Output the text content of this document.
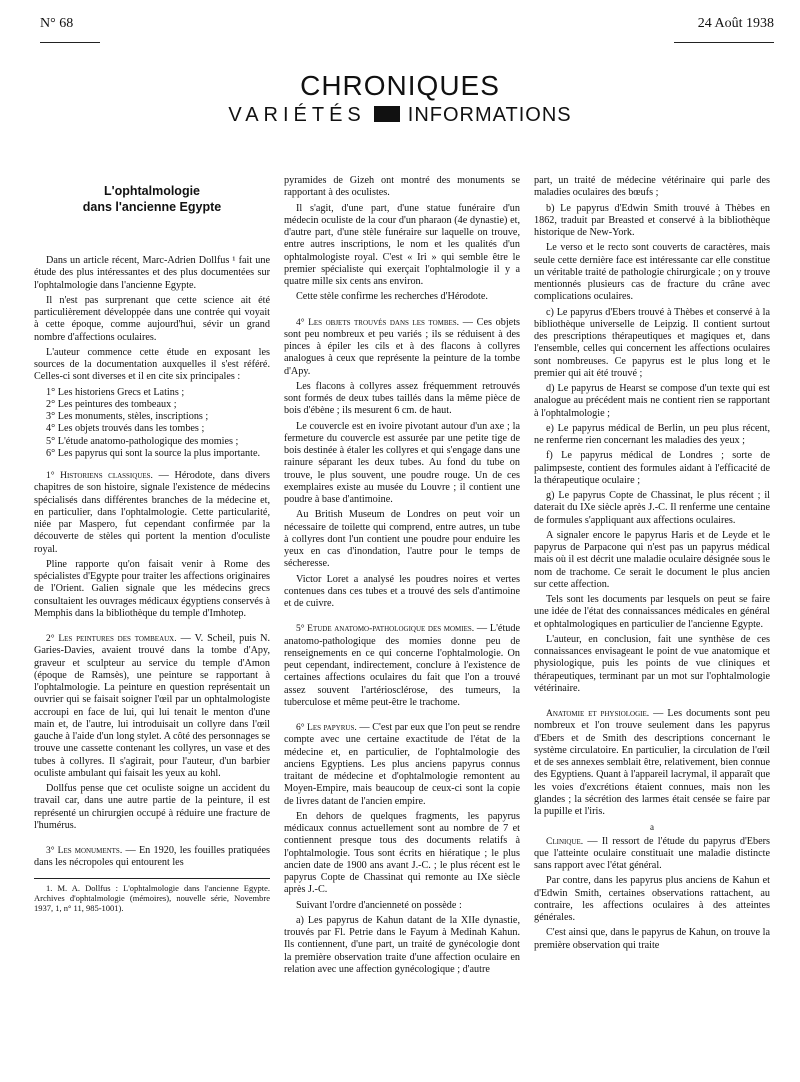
N° 68	24 Août 1938
CHRONIQUES
VARIÉTÉS INFORMATIONS
L'ophtalmologie
dans l'ancienne Egypte

Dans un article récent, Marc-Adrien Dollfus ¹ fait une étude des plus intéressantes et des plus documentées sur l'ophtalmologie dans l'ancienne Egypte.

Il n'est pas surprenant que cette science ait été particulièrement développée dans une contrée qui voyait à cette époque, comme aujourd'hui, sévir un grand nombre d'affections oculaires.

L'auteur commence cette étude en exposant les sources de la documentation auxquelles il s'est référé. Celles-ci sont diverses et il en cite six principales :

1° Les historiens Grecs et Latins ;

2° Les peintures des tombeaux ;

3° Les monuments, stèles, inscriptions ;

4° Les objets trouvés dans les tombes ;

5° L'étude anatomo-pathologique des momies ;

6° Les papyrus qui sont la source la plus importante.

1° Historiens classiques. — Hérodote, dans divers chapitres de son histoire, signale l'existence de médecins spécialisés dans différentes branches de la médecine et, en particulier, dans l'ophtalmologie. Cette particularité, niée par Maspero, fut cependant confirmée par la découverte de stèles qui portent la mention d'oculiste royal.

Pline rapporte qu'on faisait venir à Rome des spécialistes d'Egypte pour traiter les affections originaires de l'Orient. Galien signale que les médecins grecs consultaient les ouvrages médicaux égyptiens conservés à Memphis dans la bibliothèque du temple d'Imhotep.

2° Les peintures des tombeaux. — V. Scheil, puis N. Garies-Davies, avaient trouvé dans la tombe d'Apy, graveur et sculpteur au service du temple d'Amon (époque de Ramsès), une peinture se rapportant à l'ophtalmologie. La peinture en question représentait un ouvrier qui se faisait soigner l'œil par un ophtalmologiste accroupi en face de lui, qui lui tenait le menton d'une main et, de l'autre, lui introduisait un collyre dans l'œil gauche à l'aide d'un long stylet. A côté des personnages se trouve une cassette contenant les collyres, un vase et des tubes à collyres. Il s'agirait, pour l'auteur, d'un barbier oculiste ambulant qui faisait les yeux au kohl.

Dollfus pense que cet oculiste soigne un accident du travail car, dans une autre partie de la peinture, il est représenté un chirurgien occupé à réduire une fracture de l'humérus.

3° Les monuments. — En 1920, les fouilles pratiquées dans les nécropoles qui entourent les

1. M. A. Dollfus : L'ophtalmologie dans l'ancienne Egypte. Archives d'ophtalmologie (mémoires), nouvelle série, Novembre 1937, 1, n° 11, 985-1001).

pyramides de Gizeh ont montré des monuments se rapportant à des oculistes.

Il s'agit, d'une part, d'une statue funéraire d'un médecin oculiste de la cour d'un pharaon (4e dynastie) et, d'autre part, d'une stèle funéraire sur laquelle on trouve, entre autres inscriptions, le nom et les qualités d'un ophtalmologiste royal. C'est « Iri » qui semble être le premier spécialiste qui exerçait l'ophtalmologie il y a quatre mille six cents ans environ.

Cette stèle confirme les recherches d'Hérodote.

4° Les objets trouvés dans les tombes. — Ces objets sont peu nombreux et peu variés ; ils se réduisent à des pinces à épiler les cils et à des flacons à collyres analogues à ceux que représente la peinture de la tombe d'Apy.

Les flacons à collyres assez fréquemment retrouvés sont formés de deux tubes taillés dans la même pièce de bois d'ébène ; ils mesurent 6 cm. de haut.

Le couvercle est en ivoire pivotant autour d'un axe ; la fermeture du couvercle est assurée par une petite tige de bois destinée à étaler les collyres et qui s'engage dans une rainure séparant les deux tubes. Au fond du tube on trouve, le plus souvent, une poudre rouge. Un de ces exemplaires existe au musée du Louvre ; il contient une poudre à base d'antimoine.

Au British Museum de Londres on peut voir un nécessaire de toilette qui comprend, entre autres, un tube à collyres dont l'un contient une poudre pour enduire les yeux en cas d'inondation, l'autre pour le temps de sécheresse.

Victor Loret a analysé les poudres noires et vertes contenues dans ces tubes et a trouvé des sels d'antimoine et de cuivre.

5° Etude anatomo-pathologique des momies. — L'étude anatomo-pathologique des momies donne peu de renseignements en ce qui concerne l'ophtalmologie. On peut cependant, indirectement, conclure à l'existence de certaines affections oculaires du fait que l'on a trouvé assez souvent l'artériosclérose, des tumeurs, la tuberculose et même peut-être le trachome.

6° Les papyrus. — C'est par eux que l'on peut se rendre compte avec une certaine exactitude de l'état de la médecine et, en particulier, de l'ophtalmologie des anciens Egyptiens. Les plus anciens papyrus connus traitant de médecine et d'ophtalmologie remontent au Moyen-Empire, mais beaucoup de ceux-ci sont la copie de livres datant de l'ancien empire.

En dehors de quelques fragments, les papyrus médicaux connus actuellement sont au nombre de 7 et contiennent presque tous des documents relatifs à l'ophtalmologie. Tous sont écrits en hiératique ; le plus ancien date de 1900 ans avant J.-C. ; le plus récent est le papyrus Copte de Chassinat qui remonte au IXe siècle après J.-C.

Suivant l'ordre d'ancienneté on possède :

a) Les papyrus de Kahun datant de la XIIe dynastie, trouvés par Fl. Petrie dans le Fayum à Medinah Kahun. Ils contiennent, d'une part, un traité de gynécologie dont la première observation traite d'une affection oculaire en relation avec une affection gynécologique ; d'autre

part, un traité de médecine vétérinaire qui parle des maladies oculaires des bœufs ;

b) Le papyrus d'Edwin Smith trouvé à Thèbes en 1862, traduit par Breasted et conservé à la bibliothèque historique de New-York.

Le verso et le recto sont couverts de caractères, mais seule cette dernière face est intéressante car elle constitue un véritable traité de pathologie chirurgicale ; on y trouve mentionnés plusieurs cas de fracture du crâne avec complications oculaires.

c) Le papyrus d'Ebers trouvé à Thèbes et conservé à la bibliothèque universelle de Leipzig. Il contient surtout des prescriptions thérapeutiques et magiques et, dans l'ensemble, celles qui concernent les affections oculaires sont nombreuses. Ce papyrus est le plus long et le premier qui ait été trouvé ;

d) Le papyrus de Hearst se compose d'un texte qui est analogue au précédent mais ne contient rien se rapportant à l'ophtalmologie ;

e) Le papyrus médical de Berlin, un peu plus récent, ne renferme rien concernant les maladies des yeux ;

f) Le papyrus médical de Londres ; sorte de palimpseste, contient des formules aidant à l'efficacité de la thérapeutique oculaire ;

g) Le papyrus Copte de Chassinat, le plus récent ; il daterait du IXe siècle après J.-C. Il renferme une centaine de formules s'appliquant aux affections oculaires.

A signaler encore le papyrus Haris et de Leyde et le papyrus de Parpacone qui n'est pas un papyrus médical mais où il est décrit une maladie oculaire désignée sous le nom de trachome. Ce serait le document le plus ancien sur cette affection.

Tels sont les documents par lesquels on peut se faire une idée de l'état des connaissances médicales en général et ophtalmologiques en particulier de l'ancienne Egypte.

L'auteur, en conclusion, fait une synthèse de ces connaissances envisageant le point de vue anatomique et physiologique, puis les points de vue cliniques et thérapeutiques, terminant par un mot sur l'ophtalmologie vétérinaire.

Anatomie et physiologie. — Les documents sont peu nombreux et l'on trouve seulement dans les papyrus d'Ebers et de Smith des descriptions concernant le système circulatoire. En particulier, la circulation de l'œil et de ses annexes semblait être, relativement, bien connue des Egyptiens. Quant à l'appareil lacrymal, il apparaît que les voies d'excrétions étaient connues, mais non les glandes ; la sécrétion des larmes était censée se faire par la pupille et l'iris.

a

Clinique. — Il ressort de l'étude du papyrus d'Ebers que l'atteinte oculaire constituait une maladie distincte sans rapport avec l'état général.

Par contre, dans les papyrus plus anciens de Kahun et d'Edwin Smith, certaines observations rattachent, au contraire, les affections oculaires à des atteintes générales.

C'est ainsi que, dans le papyrus de Kahun, on trouve la première observation qui traite
